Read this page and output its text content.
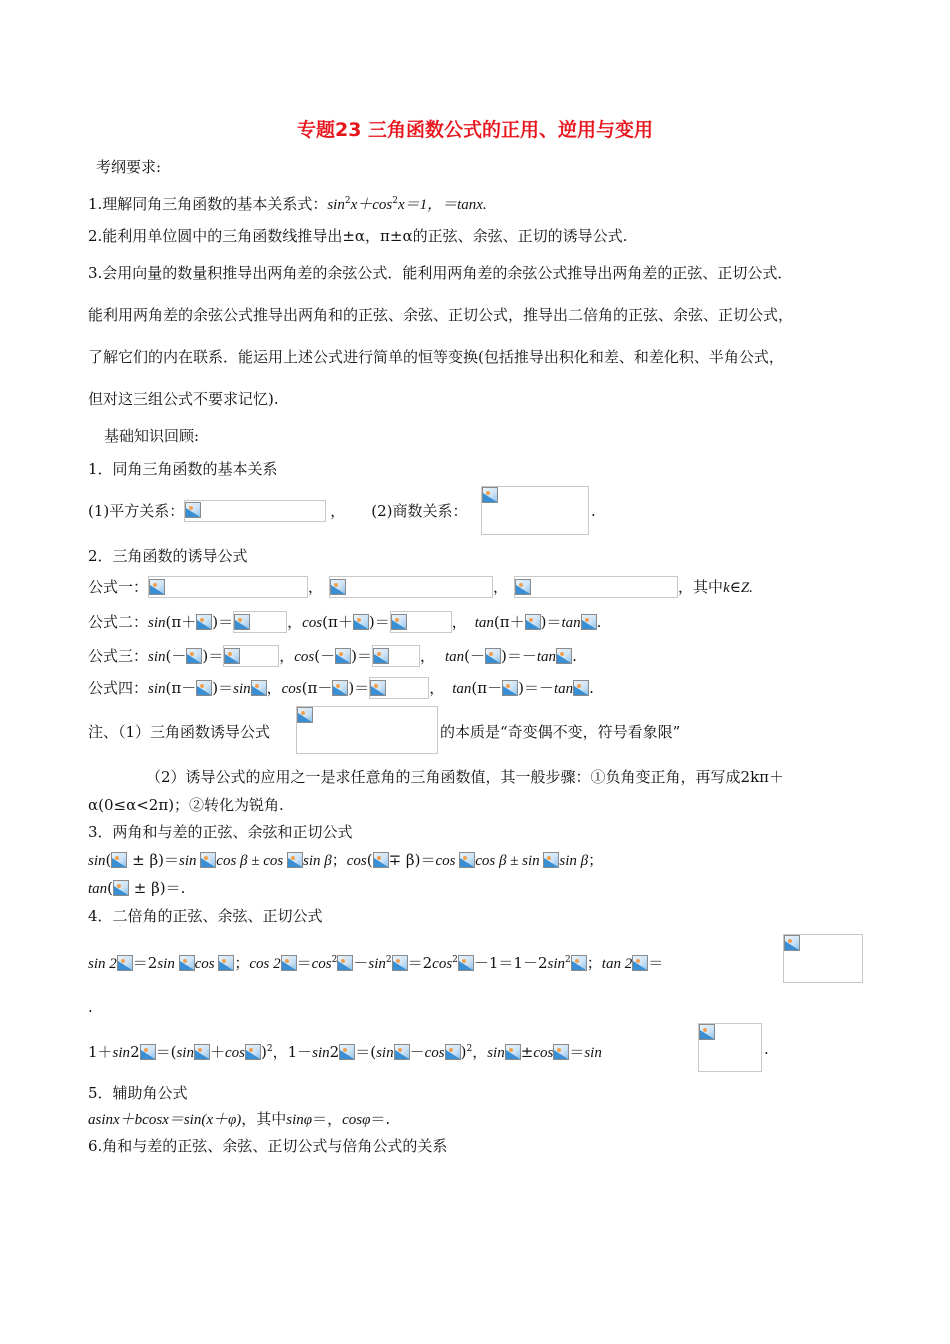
专题23 三角函数公式的正用、逆用与变用
考纲要求:
1.理解同角三角函数的基本关系式：$\sin^2x+\cos^2x=1$，＝tanx.
2.能利用单位圆中的三角函数线推导出±α，π±α的正弦、余弦、正切的诱导公式.
3.会用向量的数量积推导出两角差的余弦公式．能利用两角差的余弦公式推导出两角差的正弦、正切公式．
能利用两角差的余弦公式推导出两角和的正弦、余弦、正切公式，推导出二倍角的正弦、余弦、正切公式，
了解它们的内在联系．能运用上述公式进行简单的恒等变换(包括推导出积化和差、和差化积、半角公式，
但对这三组公式不要求记忆).
基础知识回顾:
1．同角三角函数的基本关系
(1)平方关系：	， (2)商数关系：	.
2．三角函数的诱导公式
公式一：	，	，	，其中k∈Z.
公式二：sin(π＋ )＝	，cos(π＋ )＝	， tan(π＋ )＝tan .
公式三：sin(－ )＝	，cos(－ )＝	， tan(－ )＝－tan .
公式四：sin(π－ )＝sin ，cos(π－ )＝	， tan(π－ )＝－tan .
注、（1）三角函数诱导公式	的本质是“奇变偶不变，符号看象限”
（2）诱导公式的应用之一是求任意角的三角函数值，其一般步骤：①负角变正角，再写成2kπ＋
α(0≤α<2π)；②转化为锐角.
3．两角和与差的正弦、余弦和正切公式
sin( ± β)＝sin cos β ± cos sin β；cos( ∓ β)＝cos cos β ± sin sin β；
tan( ± β)＝.
4．二倍角的正弦、余弦、正切公式
sin 2 ＝2sin cos ；$\cos 2 =\cos^2 -\sin^2 =2\cos^2 -1=1-2\sin^2$ ；tan 2 ＝
.
1＋sin2 ＝(sin ＋cos )$^2$，1－sin2 ＝(sin －cos )$^2$，sin ±cos ＝sin	.
5．辅助角公式
asinx＋bcosx＝sin(x＋φ)，其中sinφ＝，cosφ＝.
6.角和与差的正弦、余弦、正切公式与倍角公式的关系
